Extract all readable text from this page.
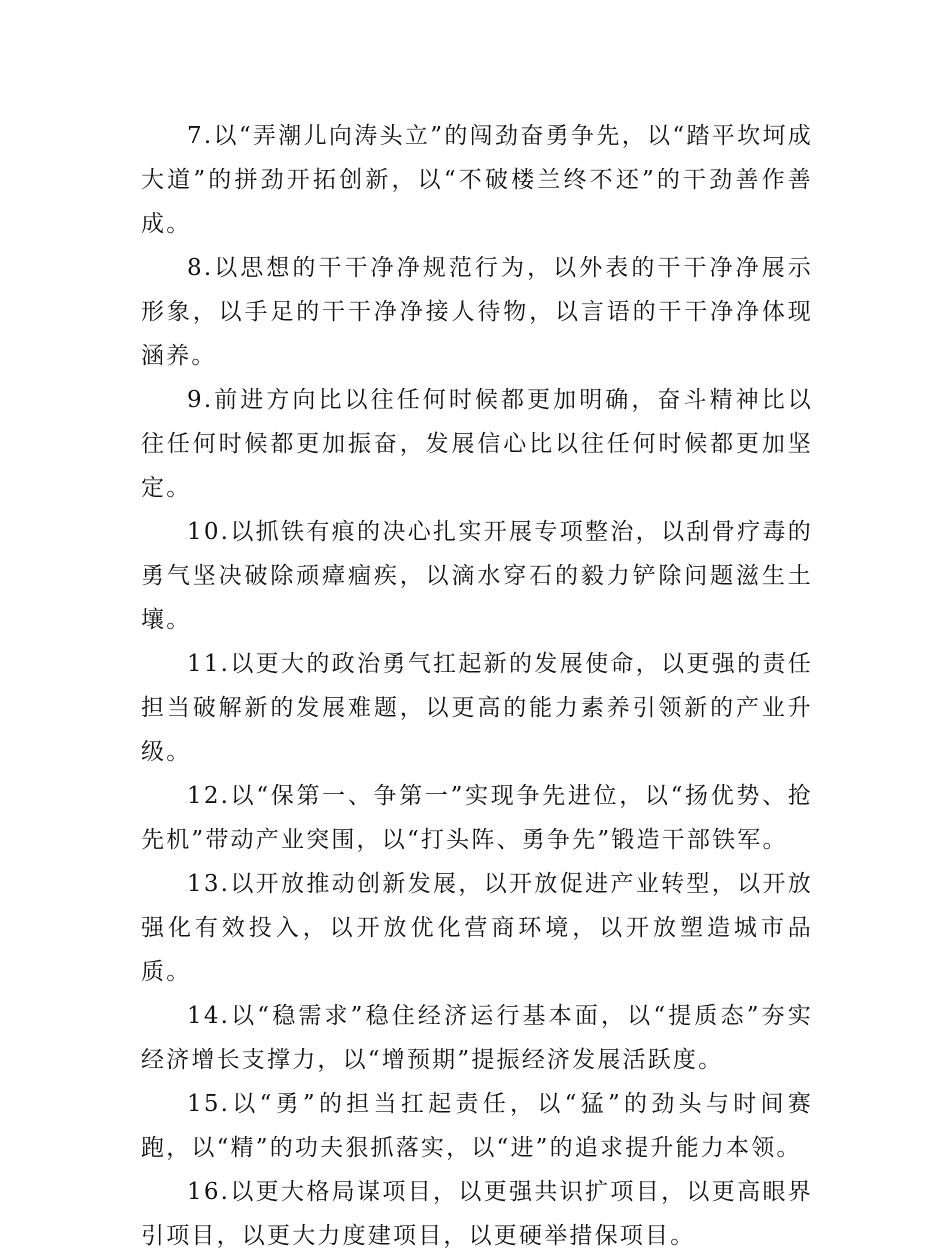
7.以“弄潮儿向涛头立”的闯劲奋勇争先，以“踏平坎坷成大道”的拼劲开拓创新，以“不破楼兰终不还”的干劲善作善成。

8.以思想的干干净净规范行为，以外表的干干净净展示形象，以手足的干干净净接人待物，以言语的干干净净体现涵养。

9.前进方向比以往任何时候都更加明确，奋斗精神比以往任何时候都更加振奋，发展信心比以往任何时候都更加坚定。

10.以抓铁有痕的决心扎实开展专项整治，以刮骨疗毒的勇气坚决破除顽瘴痼疾，以滴水穿石的毅力铲除问题滋生土壤。

11.以更大的政治勇气扛起新的发展使命，以更强的责任担当破解新的发展难题，以更高的能力素养引领新的产业升级。

12.以“保第一、争第一”实现争先进位，以“扬优势、抢先机”带动产业突围，以“打头阵、勇争先”锻造干部铁军。

13.以开放推动创新发展，以开放促进产业转型，以开放强化有效投入，以开放优化营商环境，以开放塑造城市品质。

14.以“稳需求”稳住经济运行基本面，以“提质态”夯实经济增长支撑力，以“增预期”提振经济发展活跃度。

15.以“勇”的担当扛起责任，以“猛”的劲头与时间赛跑，以“精”的功夫狠抓落实，以“进”的追求提升能力本领。

16.以更大格局谋项目，以更强共识扩项目，以更高眼界引项目，以更大力度建项目，以更硬举措保项目。
